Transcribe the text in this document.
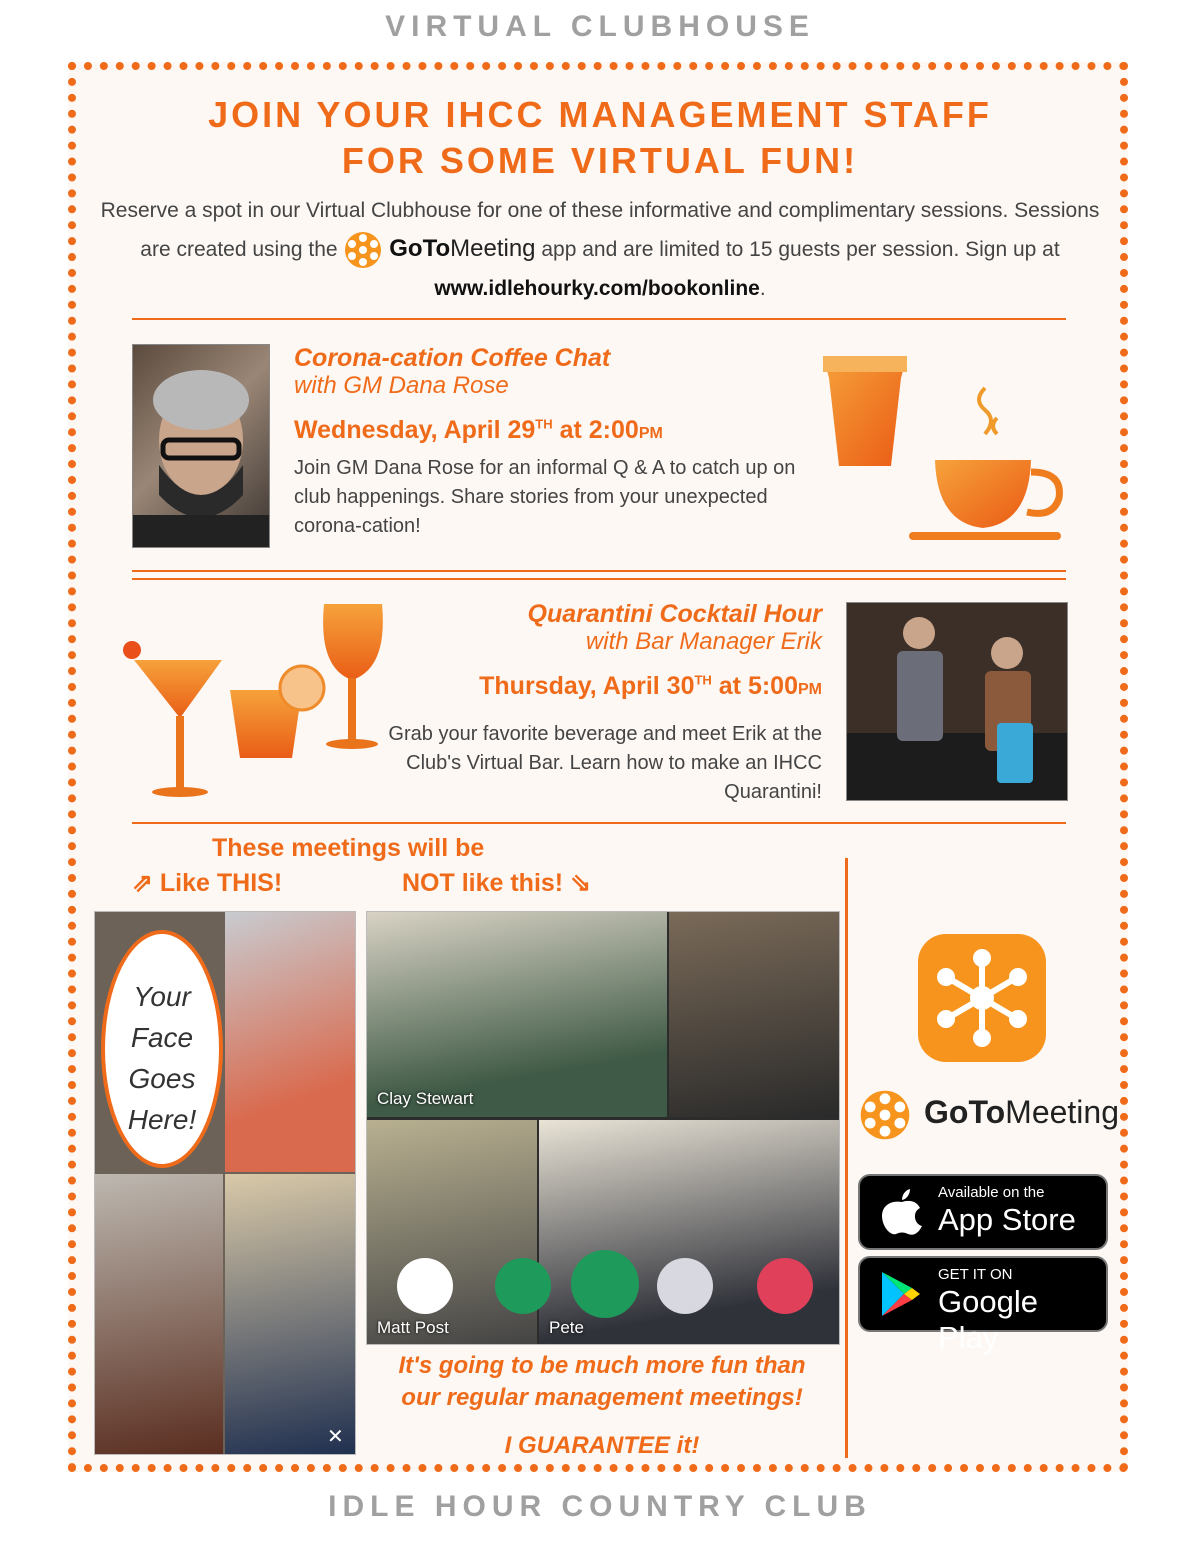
VIRTUAL CLUBHOUSE
JOIN YOUR IHCC MANAGEMENT STAFF
FOR SOME VIRTUAL FUN!
Reserve a spot in our Virtual Clubhouse for one of these informative and complimentary sessions. Sessions are created using the GoToMeeting app and are limited to 15 guests per session. Sign up at www.idlehourky.com/bookonline.
Corona-cation Coffee Chat
with GM Dana Rose
Wednesday, April 29TH at 2:00PM
Join GM Dana Rose for an informal Q & A to catch up on club happenings. Share stories from your unexpected corona-cation!
Quarantini Cocktail Hour
with Bar Manager Erik
Thursday, April 30TH at 5:00PM
Grab your favorite beverage and meet Erik at the Club's Virtual Bar. Learn how to make an IHCC Quarantini!
These meetings will be
⇗ Like THIS!	NOT like this! ⇘
Your
Face
Goes
Here!
✕
Clay Stewart
Matt Post	Pete
It's going to be much more fun than
our regular management meetings!
I GUARANTEE it!
GoToMeeting
Available on the
App Store
GET IT ON
Google Play
IDLE HOUR COUNTRY CLUB
